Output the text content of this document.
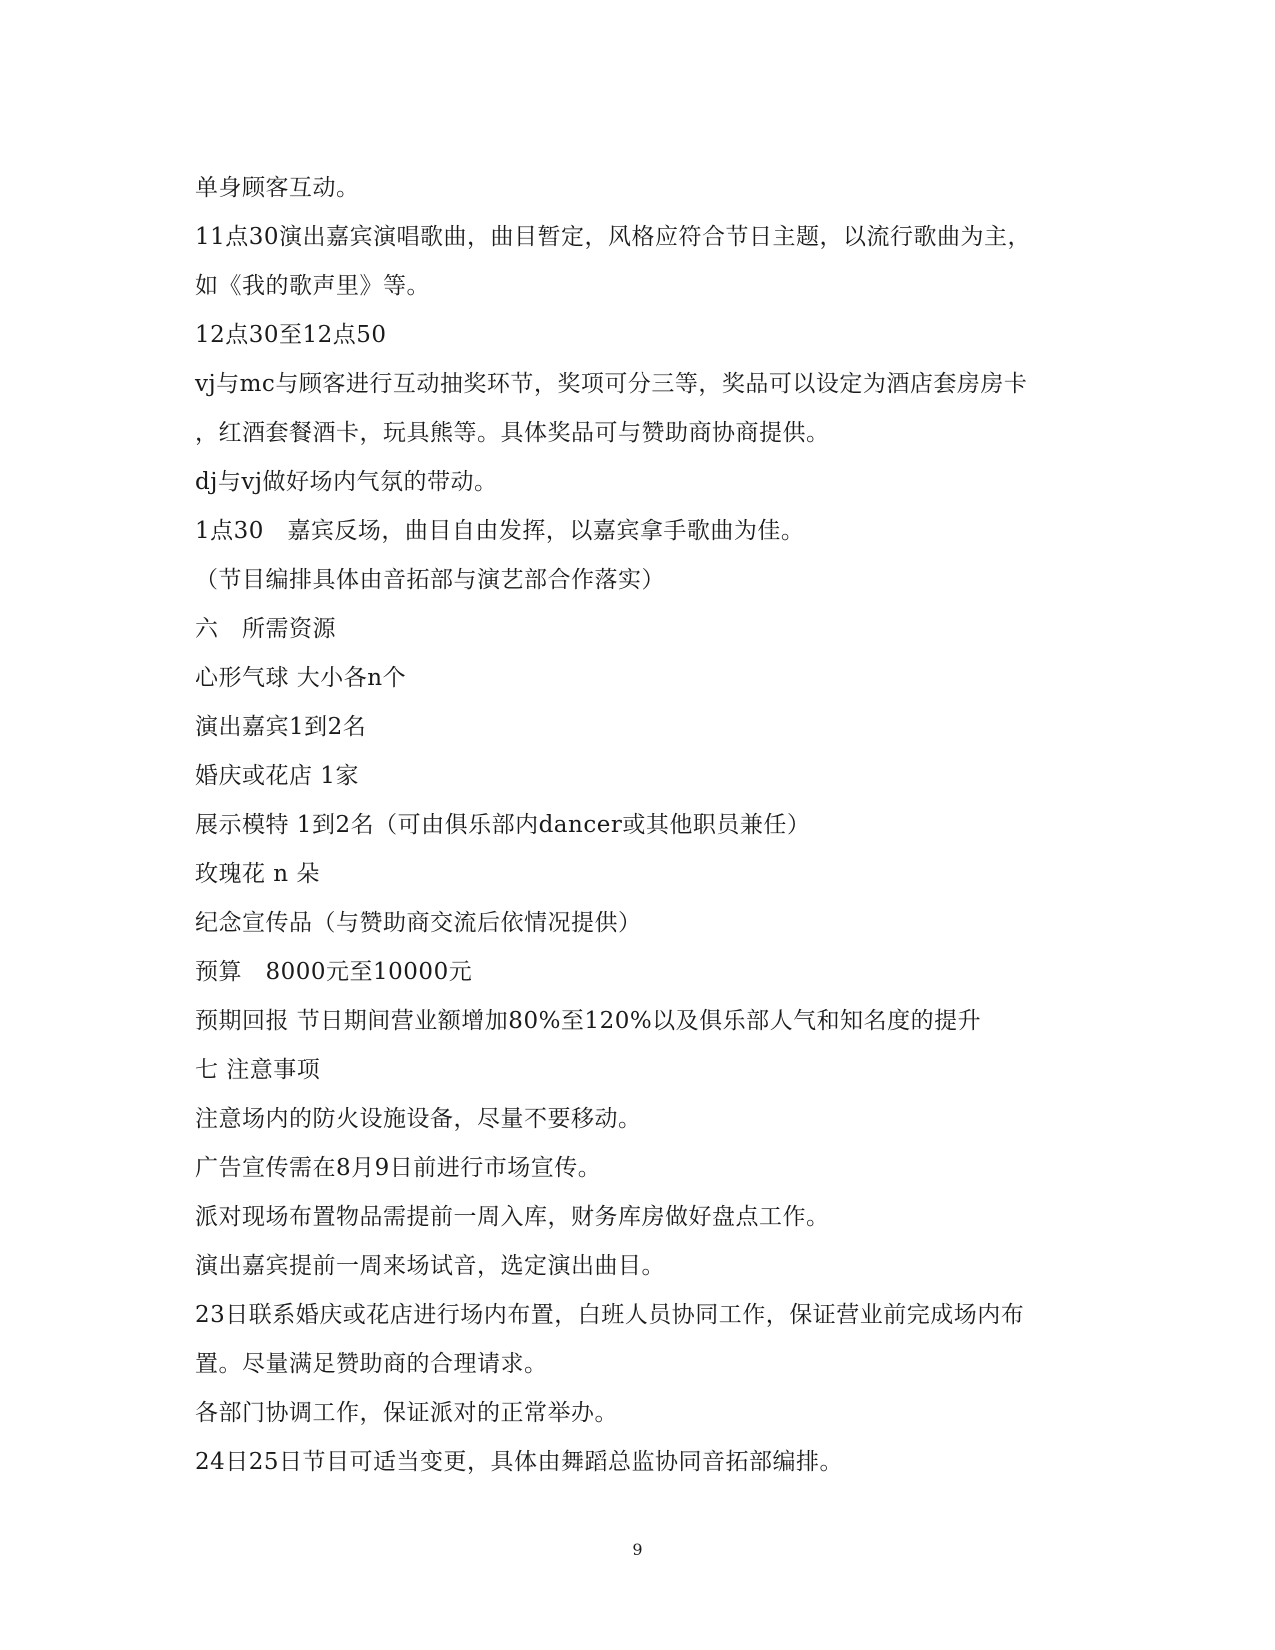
单身顾客互动。
11点30演出嘉宾演唱歌曲，曲目暂定，风格应符合节日主题，以流行歌曲为主，
如《我的歌声里》等。
12点30至12点50
vj与mc与顾客进行互动抽奖环节，奖项可分三等，奖品可以设定为酒店套房房卡
，红酒套餐酒卡，玩具熊等。具体奖品可与赞助商协商提供。
dj与vj做好场内气氛的带动。
1点30　嘉宾反场，曲目自由发挥，以嘉宾拿手歌曲为佳。
（节目编排具体由音拓部与演艺部合作落实）
六　所需资源
心形气球 大小各n个
演出嘉宾1到2名
婚庆或花店 1家
展示模特 1到2名（可由俱乐部内dancer或其他职员兼任）
玫瑰花 n 朵
纪念宣传品（与赞助商交流后依情况提供）
预算　8000元至10000元
预期回报 节日期间营业额增加80%至120%以及俱乐部人气和知名度的提升
七 注意事项
注意场内的防火设施设备，尽量不要移动。
广告宣传需在8月9日前进行市场宣传。
派对现场布置物品需提前一周入库，财务库房做好盘点工作。
演出嘉宾提前一周来场试音，选定演出曲目。
23日联系婚庆或花店进行场内布置，白班人员协同工作，保证营业前完成场内布
置。尽量满足赞助商的合理请求。
各部门协调工作，保证派对的正常举办。
24日25日节目可适当变更，具体由舞蹈总监协同音拓部编排。
9
